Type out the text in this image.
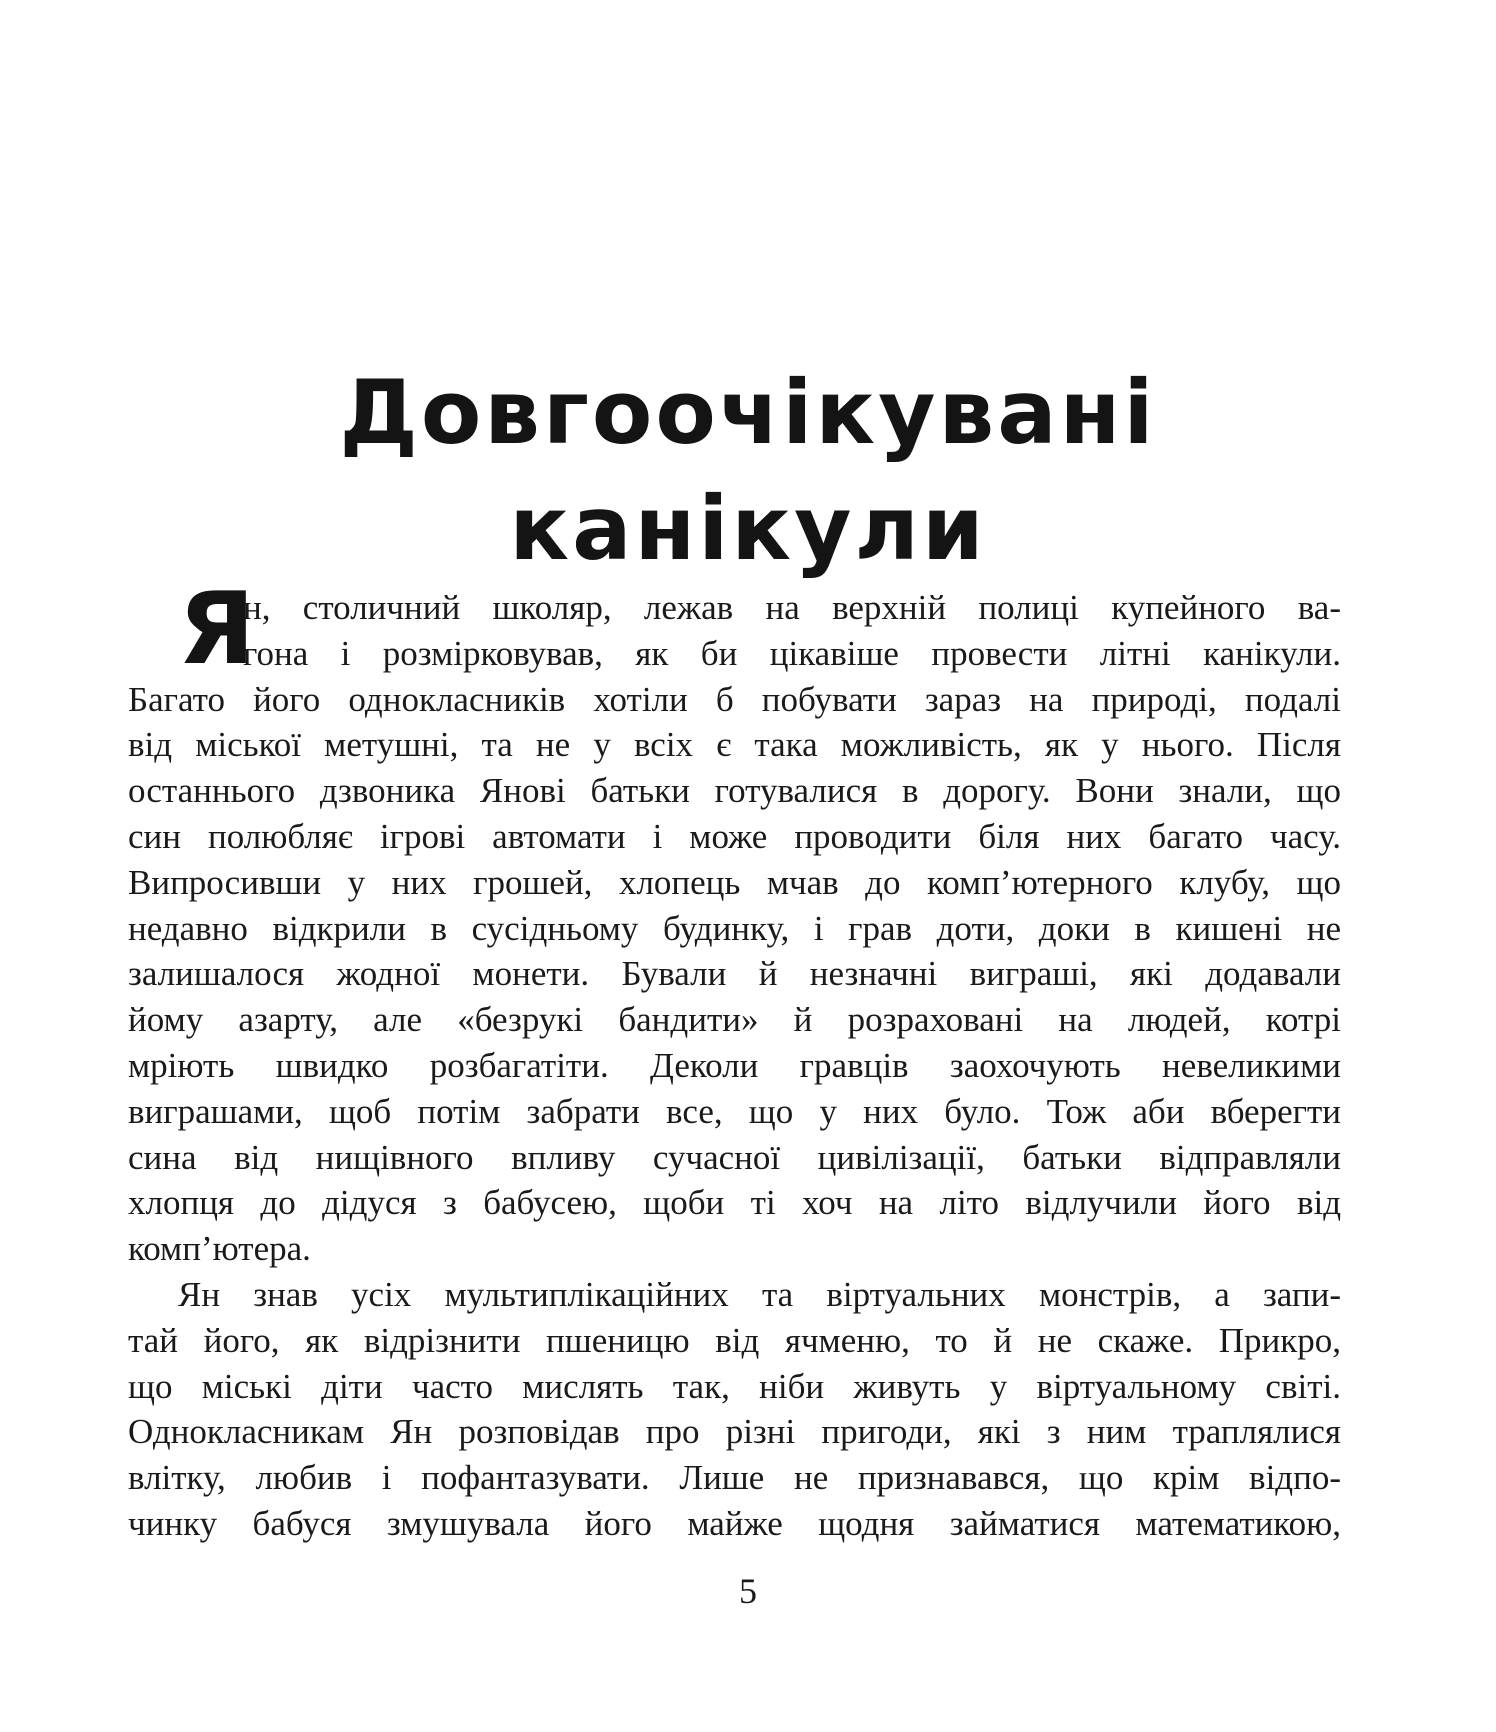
Довгоочікувані
канікули
Я
н, столичний школяр, лежав на верхній полиці купейного ва-
гона і розмірковував, як би цікавіше провести літні канікули.
Багато його однокласників хотіли б побувати зараз на природі, подалі
від міської метушні, та не у всіх є така можливість, як у нього. Після
останнього дзвоника Янові батьки готувалися в дорогу. Вони знали, що
син полюбляє ігрові автомати і може проводити біля них багато часу.
Випросивши у них грошей, хлопець мчав до комп’ютерного клубу, що
недавно відкрили в сусідньому будинку, і грав доти, доки в кишені не
залишалося жодної монети. Бували й незначні виграші, які додавали
йому азарту, але «безрукі бандити» й розраховані на людей, котрі
мріють швидко розбагатіти. Деколи гравців заохочують невеликими
виграшами, щоб потім забрати все, що у них було. Тож аби вберегти
сина від нищівного впливу сучасної цивілізації, батьки відправляли
хлопця до дідуся з бабусею, щоби ті хоч на літо відлучили його від
комп’ютера.
Ян знав усіх мультиплікаційних та віртуальних монстрів, а запи-
тай його, як відрізнити пшеницю від ячменю, то й не скаже. Прикро,
що міські діти часто мислять так, ніби живуть у віртуальному світі.
Однокласникам Ян розповідав про різні пригоди, які з ним траплялися
влітку, любив і пофантазувати. Лише не признавався, що крім відпо-
чинку бабуся змушувала його майже щодня займатися математикою,
5
